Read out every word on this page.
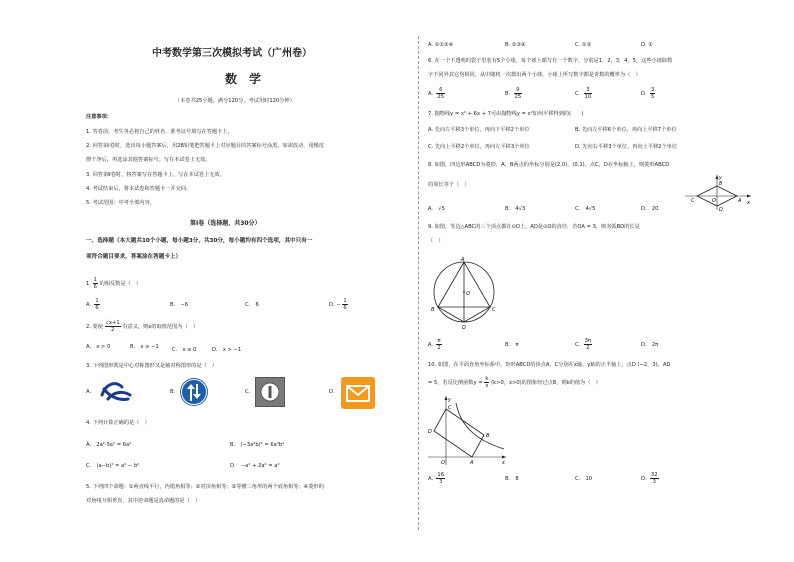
中考数学第三次模拟考试（广州卷）
数　学
（本卷共25小题，满分120分，考试用时120分钟）
注意事项：
1. 答卷前，考生务必将自己的姓名、准考证号填写在答题卡上。
2. 回答第Ⅰ卷时，选出每小题答案后，用2B铅笔把答题卡上对应题目的答案标号涂黑。如需改动，用橡皮
擦干净后，再选涂其他答案标号。写在本试卷上无效。
3. 回答第Ⅱ卷时，将答案写在答题卡上。写在本试卷上无效。
4. 考试结束后，将本试卷和答题卡一并交回。
5. 考试范围：中考全部内容。
第Ⅰ卷（选择题，共30分）
一、选择题（本大题共10个小题，每小题3分，共30分，每小题均有四个选项，其中只有一
项符合题目要求，答案涂在答题卡上）
1. $\frac{1}{6}$ 的相反数是（　）
A. $\frac{1}{6}$	B.　−6	C.　6	D. − $\frac{1}{6}$
2. 要使 $\frac{√x+1}{2}$ 有意义，则x的取值范围为（　）
A.　x > 0	B.　x ≥ −1	C.　x ≥ 0	D.　x > −1
3. 下列图形既是中心对称图形又是轴对称图形的是（　）
A.	B.	C.	D.
4. 下列计算正确的是（　）
A.　2a²·3a² = 6a²	B.　(−3a²b)² = 6a⁴b²
C.　(a−b)² = a² − b²	D.　−a² + 2a² = a²
5. 下列四个命题：①两直线平行，内错角相等；②对顶角相等；③等腰三角形的两个底角相等；④菱形的
对角线互相垂直，其中逆命题是真命题的是（　）
A. ①②③④	B. ①③④	C. ①③	D. ①
6. 在一个不透明的袋子里装有5个小球，每个球上都写有一个数字，分别是1，2，3，4，5，这些小球除数
字不同外其它均相同，从中随机一次摸出两个小球，小球上所写数字都是奇数的概率为（　）
A. $\frac{6}{25}$	B. $\frac{9}{25}$	C. $\frac{3}{10}$	D. $\frac{3}{5}$
7. 抛物线y = x² + 6x + 7可由抛物线y = x²如何平移得到的(　　)
A. 先向左平移3个单位，再向下平移2个单位	B. 先向左平移6个单位，再向上平移7个单位
C. 先向上平移2个单位，再向左平移3个单位	D. 先向右平移3个单位，再向上平移2个单位
8. 如图，四边形ABCD为菱形，A，B两点的坐标分别是(2,0)，(0,1)，点C，D在坐标轴上，则菱形ABCD
的周长等于（　）
y
x
A
B
C
D
O
A.　√5	B.　4√3	C.　4√5	D.　20
9. 如图，等边△ABC的三个顶点都在⊙O上，AD是⊙O的直径．若OA = 3，则劣弧BD的长是
（　）
A
B	C
D
O
A. $\frac{\pi}{2}$	B.　π	C. $\frac{3\pi}{2}$	D.　2π
10. 如图，在平面直角坐标系中，矩形ABCD的顶点A，C分别在x轴，y轴的正半轴上，点D (−2，3)，AD
= 5，若反比例函数$y = \frac{k}{x} (k>0$，x>0)的图象经过点B，则k的值为（　）
y
x
A
B
C
D
O
A. $\frac{16}{3}$	B.　8	C.　10	D. $\frac{32}{3}$
